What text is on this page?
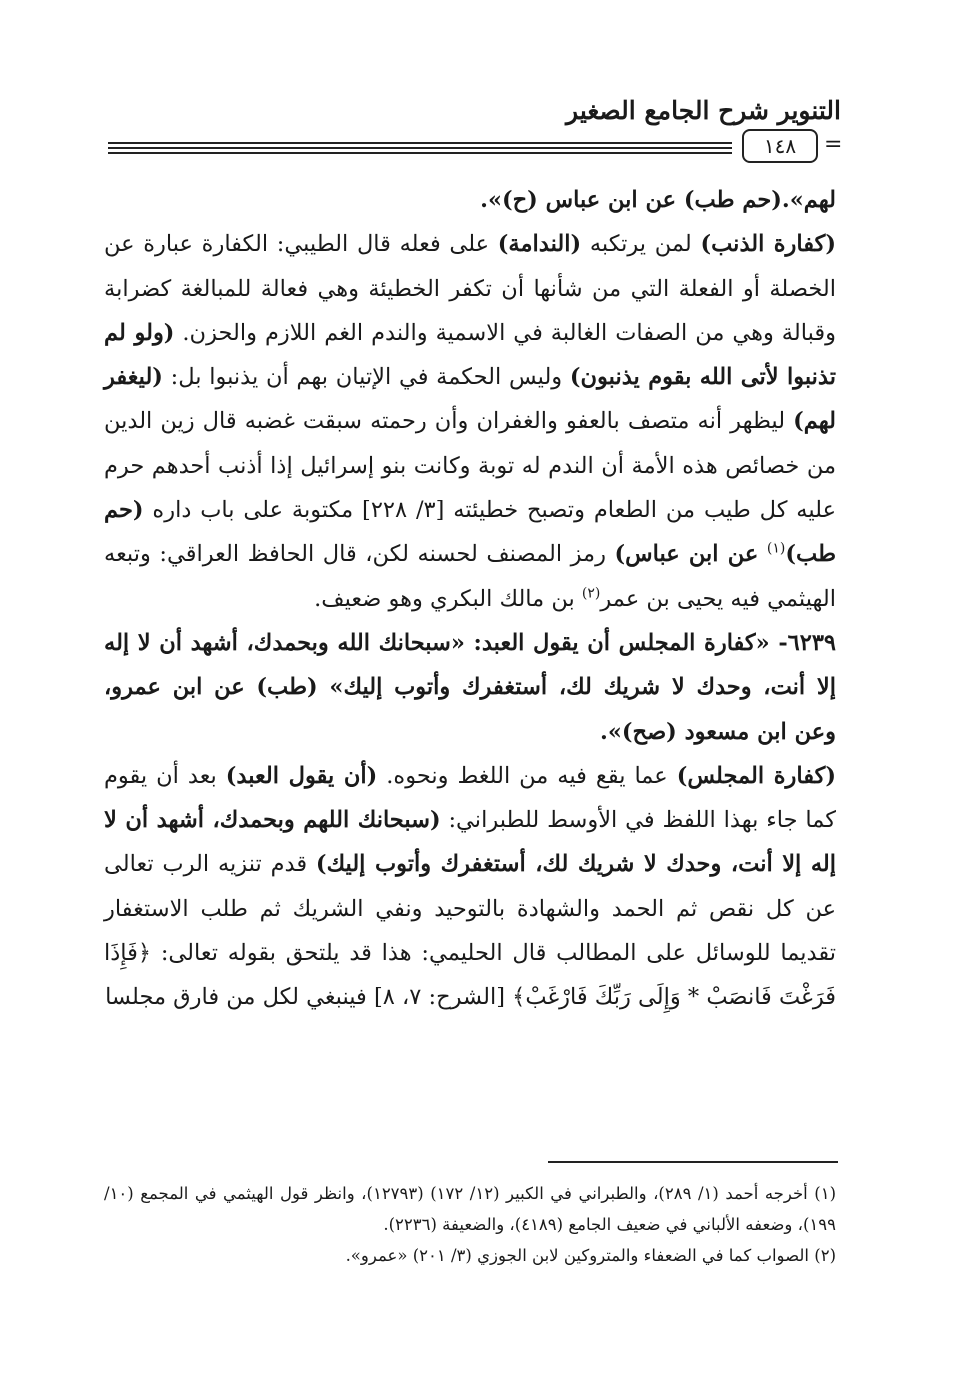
التنوير شرح الجامع الصغير
١٤٨ =

لهم».(حم طب) عن ابن عباس (ح)».

(كفارة الذنب) لمن يرتكبه (الندامة) على فعله قال الطيبي: الكفارة عبارة عن الخصلة أو الفعلة التي من شأنها أن تكفر الخطيئة وهي فعالة للمبالغة كضرابة وقبالة وهي من الصفات الغالبة في الاسمية والندم الغم اللازم والحزن. (ولو لم تذنبوا لأتى الله بقوم يذنبون) وليس الحكمة في الإتيان بهم أن يذنبوا بل: (ليغفر لهم) ليظهر أنه متصف بالعفو والغفران وأن رحمته سبقت غضبه قال زين الدين من خصائص هذه الأمة أن الندم له توبة وكانت بنو إسرائيل إذا أذنب أحدهم حرم عليه كل طيب من الطعام وتصبح خطيئته [٣/ ٢٢٨] مكتوبة على باب داره (حم طب)$^{(١)}$ عن ابن عباس) رمز المصنف لحسنه لكن، قال الحافظ العراقي: وتبعه الهيثمي فيه يحيى بن عمر$^{(٢)}$ بن مالك البكري وهو ضعيف.

٦٢٣٩- «كفارة المجلس أن يقول العبد: «سبحانك الله وبحمدك، أشهد أن لا إله إلا أنت، وحدك لا شريك لك، أستغفرك وأتوب إليك» (طب) عن ابن عمرو، وعن ابن مسعود (صح)».

(كفارة المجلس) عما يقع فيه من اللغط ونحوه. (أن يقول العبد) بعد أن يقوم كما جاء بهذا اللفظ في الأوسط للطبراني: (سبحانك اللهم وبحمدك، أشهد أن لا إله إلا أنت، وحدك لا شريك لك، أستغفرك وأتوب إليك) قدم تنزيه الرب تعالى عن كل نقص ثم الحمد والشهادة بالتوحيد ونفي الشريك ثم طلب الاستغفار تقديما للوسائل على المطالب قال الحليمي: هذا قد يلتحق بقوله تعالى: ﴿فَإِذَا فَرَغْتَ فَانصَبْ * وَإِلَى رَبِّكَ فَارْغَبْ﴾ [الشرح: ٧، ٨] فينبغي لكل من فارق مجلسا

(١) أخرجه أحمد (١/ ٢٨٩)، والطبراني في الكبير (١٢/ ١٧٢) (١٢٧٩٣)، وانظر قول الهيثمي في المجمع (١٠/ ١٩٩)، وضعفه الألباني في ضعيف الجامع (٤١٨٩)، والضعيفة (٢٢٣٦).

(٢) الصواب كما في الضعفاء والمتروكين لابن الجوزي (٣/ ٢٠١) «عمرو».
